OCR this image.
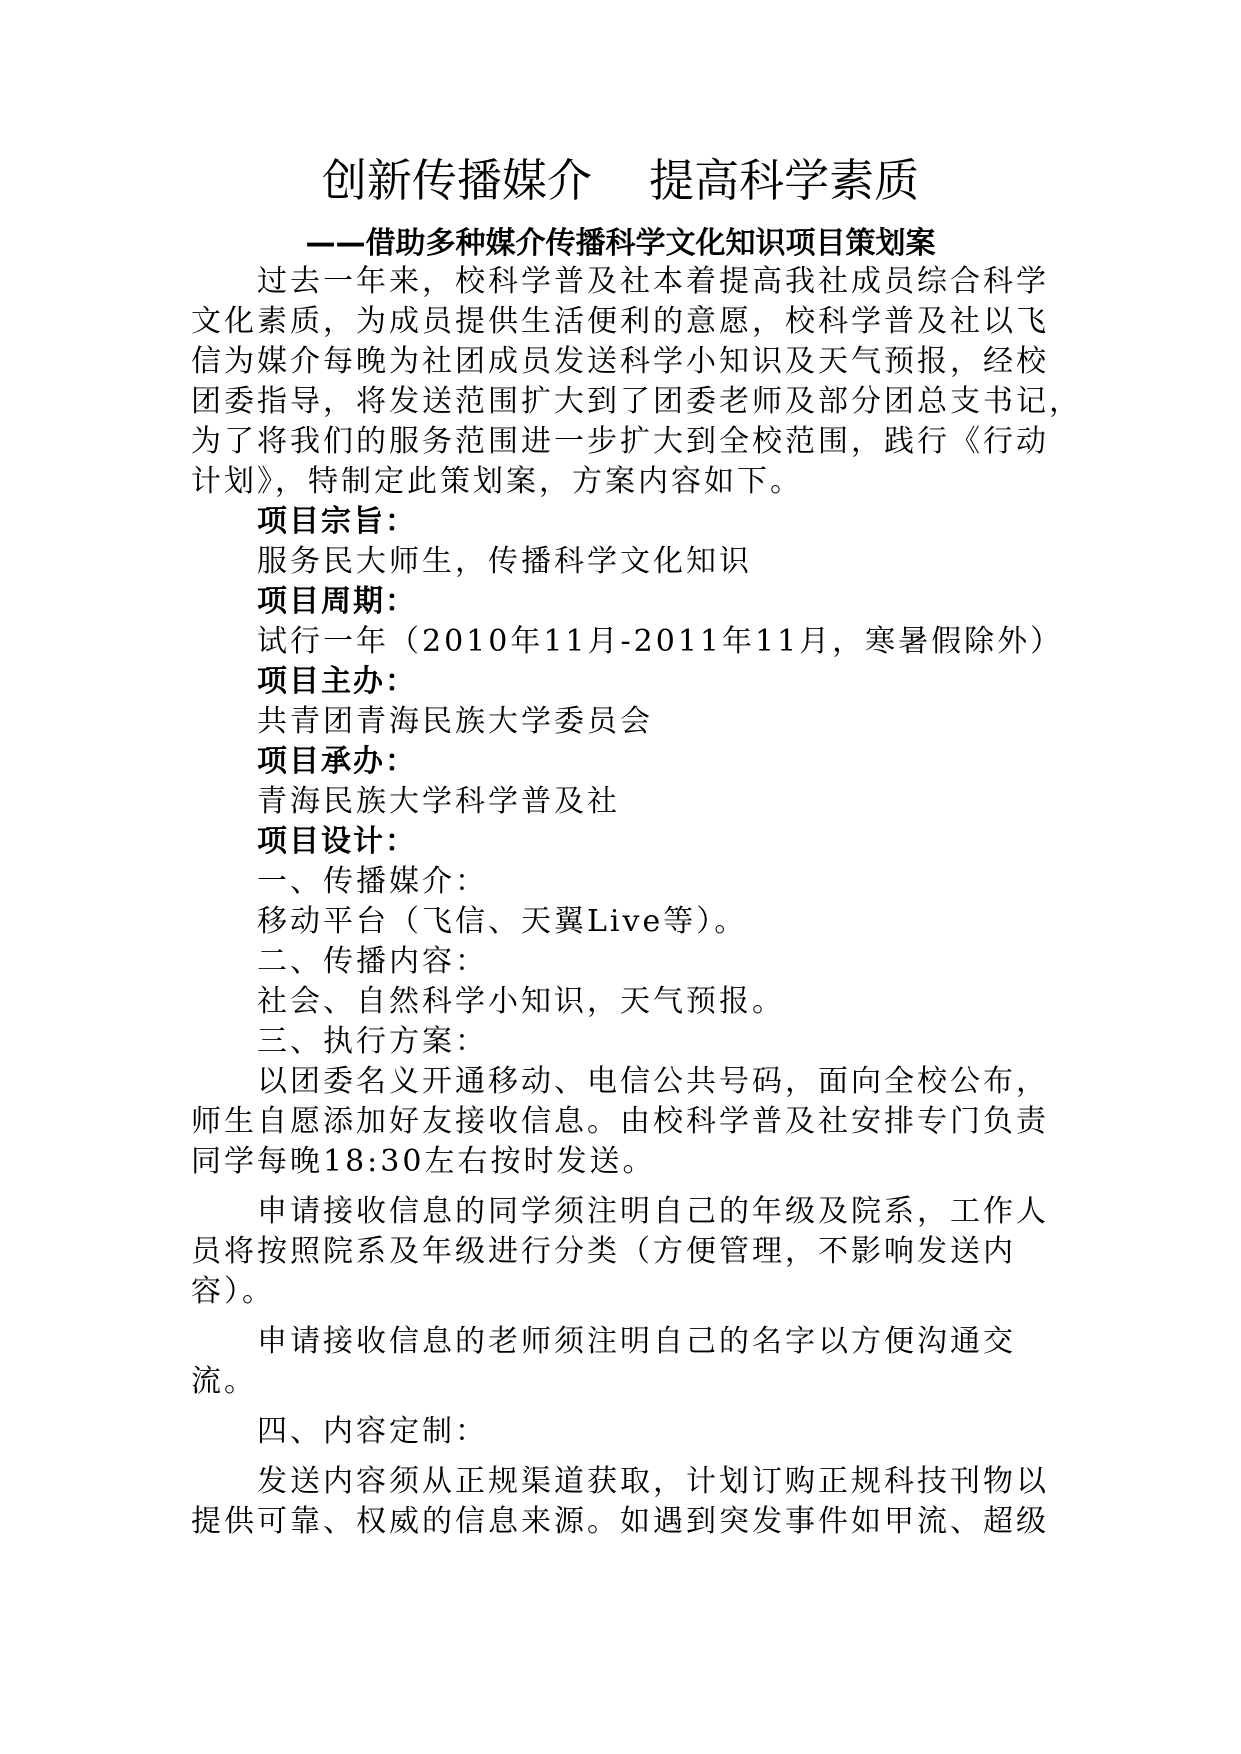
创新传播媒介    提高科学素质
——借助多种媒介传播科学文化知识项目策划案
过去一年来，校科学普及社本着提高我社成员综合科学
文化素质，为成员提供生活便利的意愿，校科学普及社以飞
信为媒介每晚为社团成员发送科学小知识及天气预报，经校
团委指导，将发送范围扩大到了团委老师及部分团总支书记，
为了将我们的服务范围进一步扩大到全校范围，践行《行动
计划》，特制定此策划案，方案内容如下。
项目宗旨：
服务民大师生，传播科学文化知识
项目周期：
试行一年（2010年11月-2011年11月，寒暑假除外）
项目主办：
共青团青海民族大学委员会
项目承办：
青海民族大学科学普及社
项目设计：
一、传播媒介：
移动平台（飞信、天翼Live等）。
二、传播内容：
社会、自然科学小知识，天气预报。
三、执行方案：
以团委名义开通移动、电信公共号码，面向全校公布，
师生自愿添加好友接收信息。由校科学普及社安排专门负责
同学每晚18:30左右按时发送。
申请接收信息的同学须注明自己的年级及院系，工作人
员将按照院系及年级进行分类（方便管理，不影响发送内
容）。
申请接收信息的老师须注明自己的名字以方便沟通交
流。
四、内容定制：
发送内容须从正规渠道获取，计划订购正规科技刊物以
提供可靠、权威的信息来源。如遇到突发事件如甲流、超级
